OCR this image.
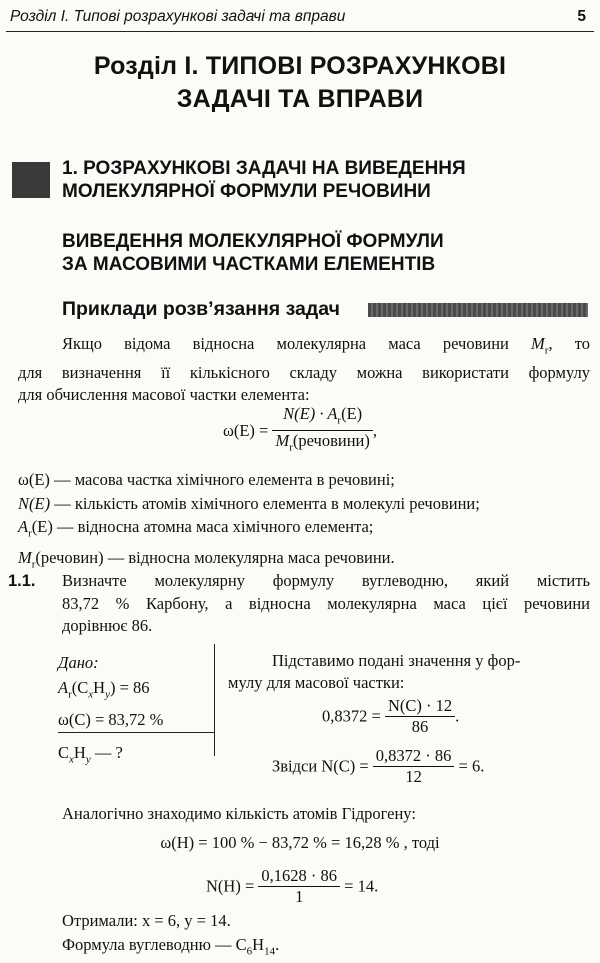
Розділ І. Типові розрахункові задачі та вправи	5
Розділ І. ТИПОВІ РОЗРАХУНКОВІ
ЗАДАЧІ ТА ВПРАВИ
1. РОЗРАХУНКОВІ ЗАДАЧІ НА ВИВЕДЕННЯ
МОЛЕКУЛЯРНОЇ ФОРМУЛИ РЕЧОВИНИ
ВИВЕДЕННЯ МОЛЕКУЛЯРНОЇ ФОРМУЛИ
ЗА МАСОВИМИ ЧАСТКАМИ ЕЛЕМЕНТІВ
Приклади розв’язання задач

Якщо відома відносна молекулярна маса речовини $M_r$, то

для визначення її кількісного складу можна використати формулу

для обчислення масової частки елемента:

$\omega(E) = \frac{N(E) \cdot A_r(E)}{M_r(речовини)}$ ,

ω(E) — масова частка хімічного елемента в речовині;

N(E) — кількість атомів хімічного елемента в молекулі речовини;

$A_r(E)$ — відносна атомна маса хімічного елемента;

$M_r(речовин)$ — відносна молекулярна маса речовини.

1.1. Визначте молекулярну формулу вуглеводню, який містить

83,72 % Карбону, а відносна молекулярна маса цієї речовини

дорівнює 86.

Дано:
$A_r(C_xH_y) = 86$
ω(C) = 83,72 %
$C_xH_y$ — ?
Підставимо подані значення у фор-
мулу для масової частки:
$0,8372 = \frac{N(C) \cdot 12}{86}$ .
Звідси $N(C) = \frac{0,8372 \cdot 86}{12} = 6$.

Аналогічно знаходимо кількість атомів Гідрогену:

ω(H) = 100 % − 83,72 % = 16,28 % , тоді
$N(H) = \frac{0,1628 \cdot 86}{1} = 14$.

Отримали: x = 6, y = 14.

Формула вуглеводню — $C_6H_{14}$.
